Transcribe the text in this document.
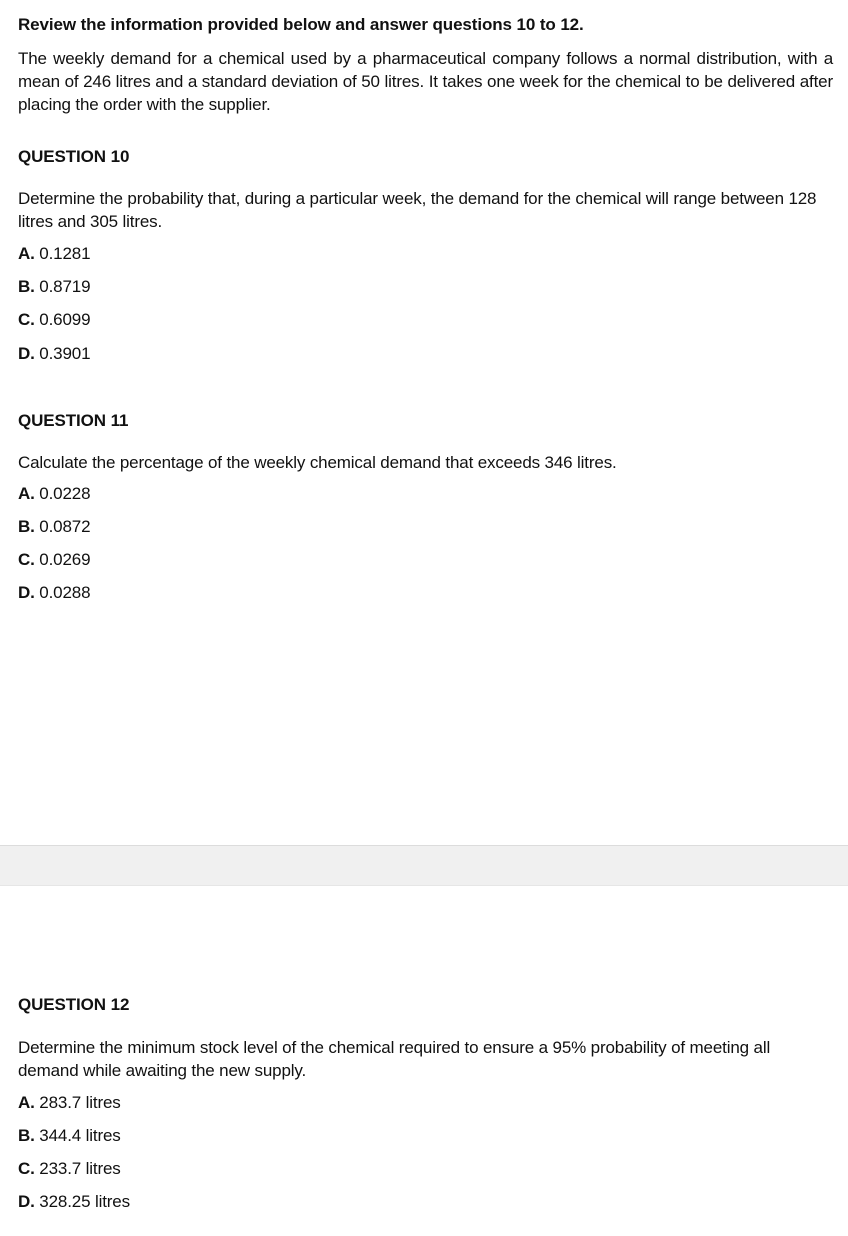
Review the information provided below and answer questions 10 to 12.
The weekly demand for a chemical used by a pharmaceutical company follows a normal distribution, with a mean of 246 litres and a standard deviation of 50 litres. It takes one week for the chemical to be delivered after placing the order with the supplier.
QUESTION 10
Determine the probability that, during a particular week, the demand for the chemical will range between 128 litres and 305 litres.
A. 0.1281
B. 0.8719
C. 0.6099
D. 0.3901
QUESTION 11
Calculate the percentage of the weekly chemical demand that exceeds 346 litres.
A. 0.0228
B. 0.0872
C. 0.0269
D. 0.0288
QUESTION 12
Determine the minimum stock level of the chemical required to ensure a 95% probability of meeting all demand while awaiting the new supply.
A. 283.7 litres
B. 344.4 litres
C. 233.7 litres
D. 328.25 litres
